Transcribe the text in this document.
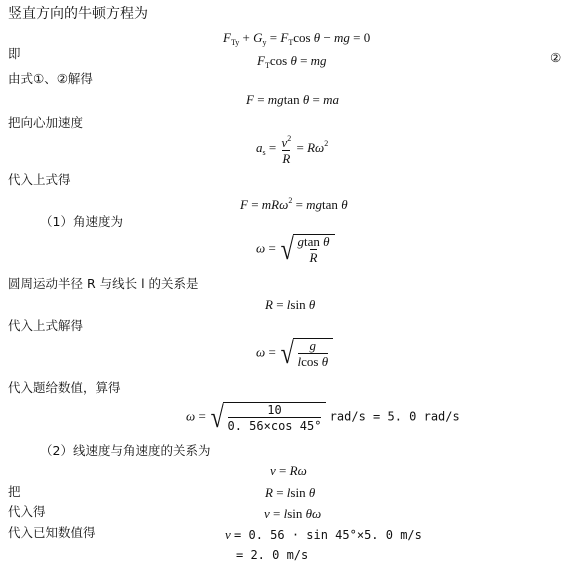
竖直方向的牛顿方程为
$F_{Ty} + G_y = F_T\cos$ θ − mg = 0
即	$F_T\cos$ θ = mg	②
由式①、②解得
F = mgtan θ = ma
把向心加速度
$a_s = \frac{v^2}{R} = R\omega^2$
代入上式得
F = mRω$^2$ = mgtan θ
（1）角速度为
ω = √ $\frac{\text{gtan θ}}{R}$
圆周运动半径 R 与线长 l 的关系是
R = lsin θ
代入上式解得
ω = √ $\frac{g}{\text{lcos θ}}$
代入题给数值，算得
ω = √ $\frac{10}{0. 56\times\cos 45^\circ} rad/s = 5$. 0 rad/s
（2）线速度与角速度的关系为
v = Rω
把	R = lsin θ
代入得	v = lsin θω
代入已知数值得	v = 0. 56 · sin 45°×5. 0 m/s
= 2. 0 m/s
